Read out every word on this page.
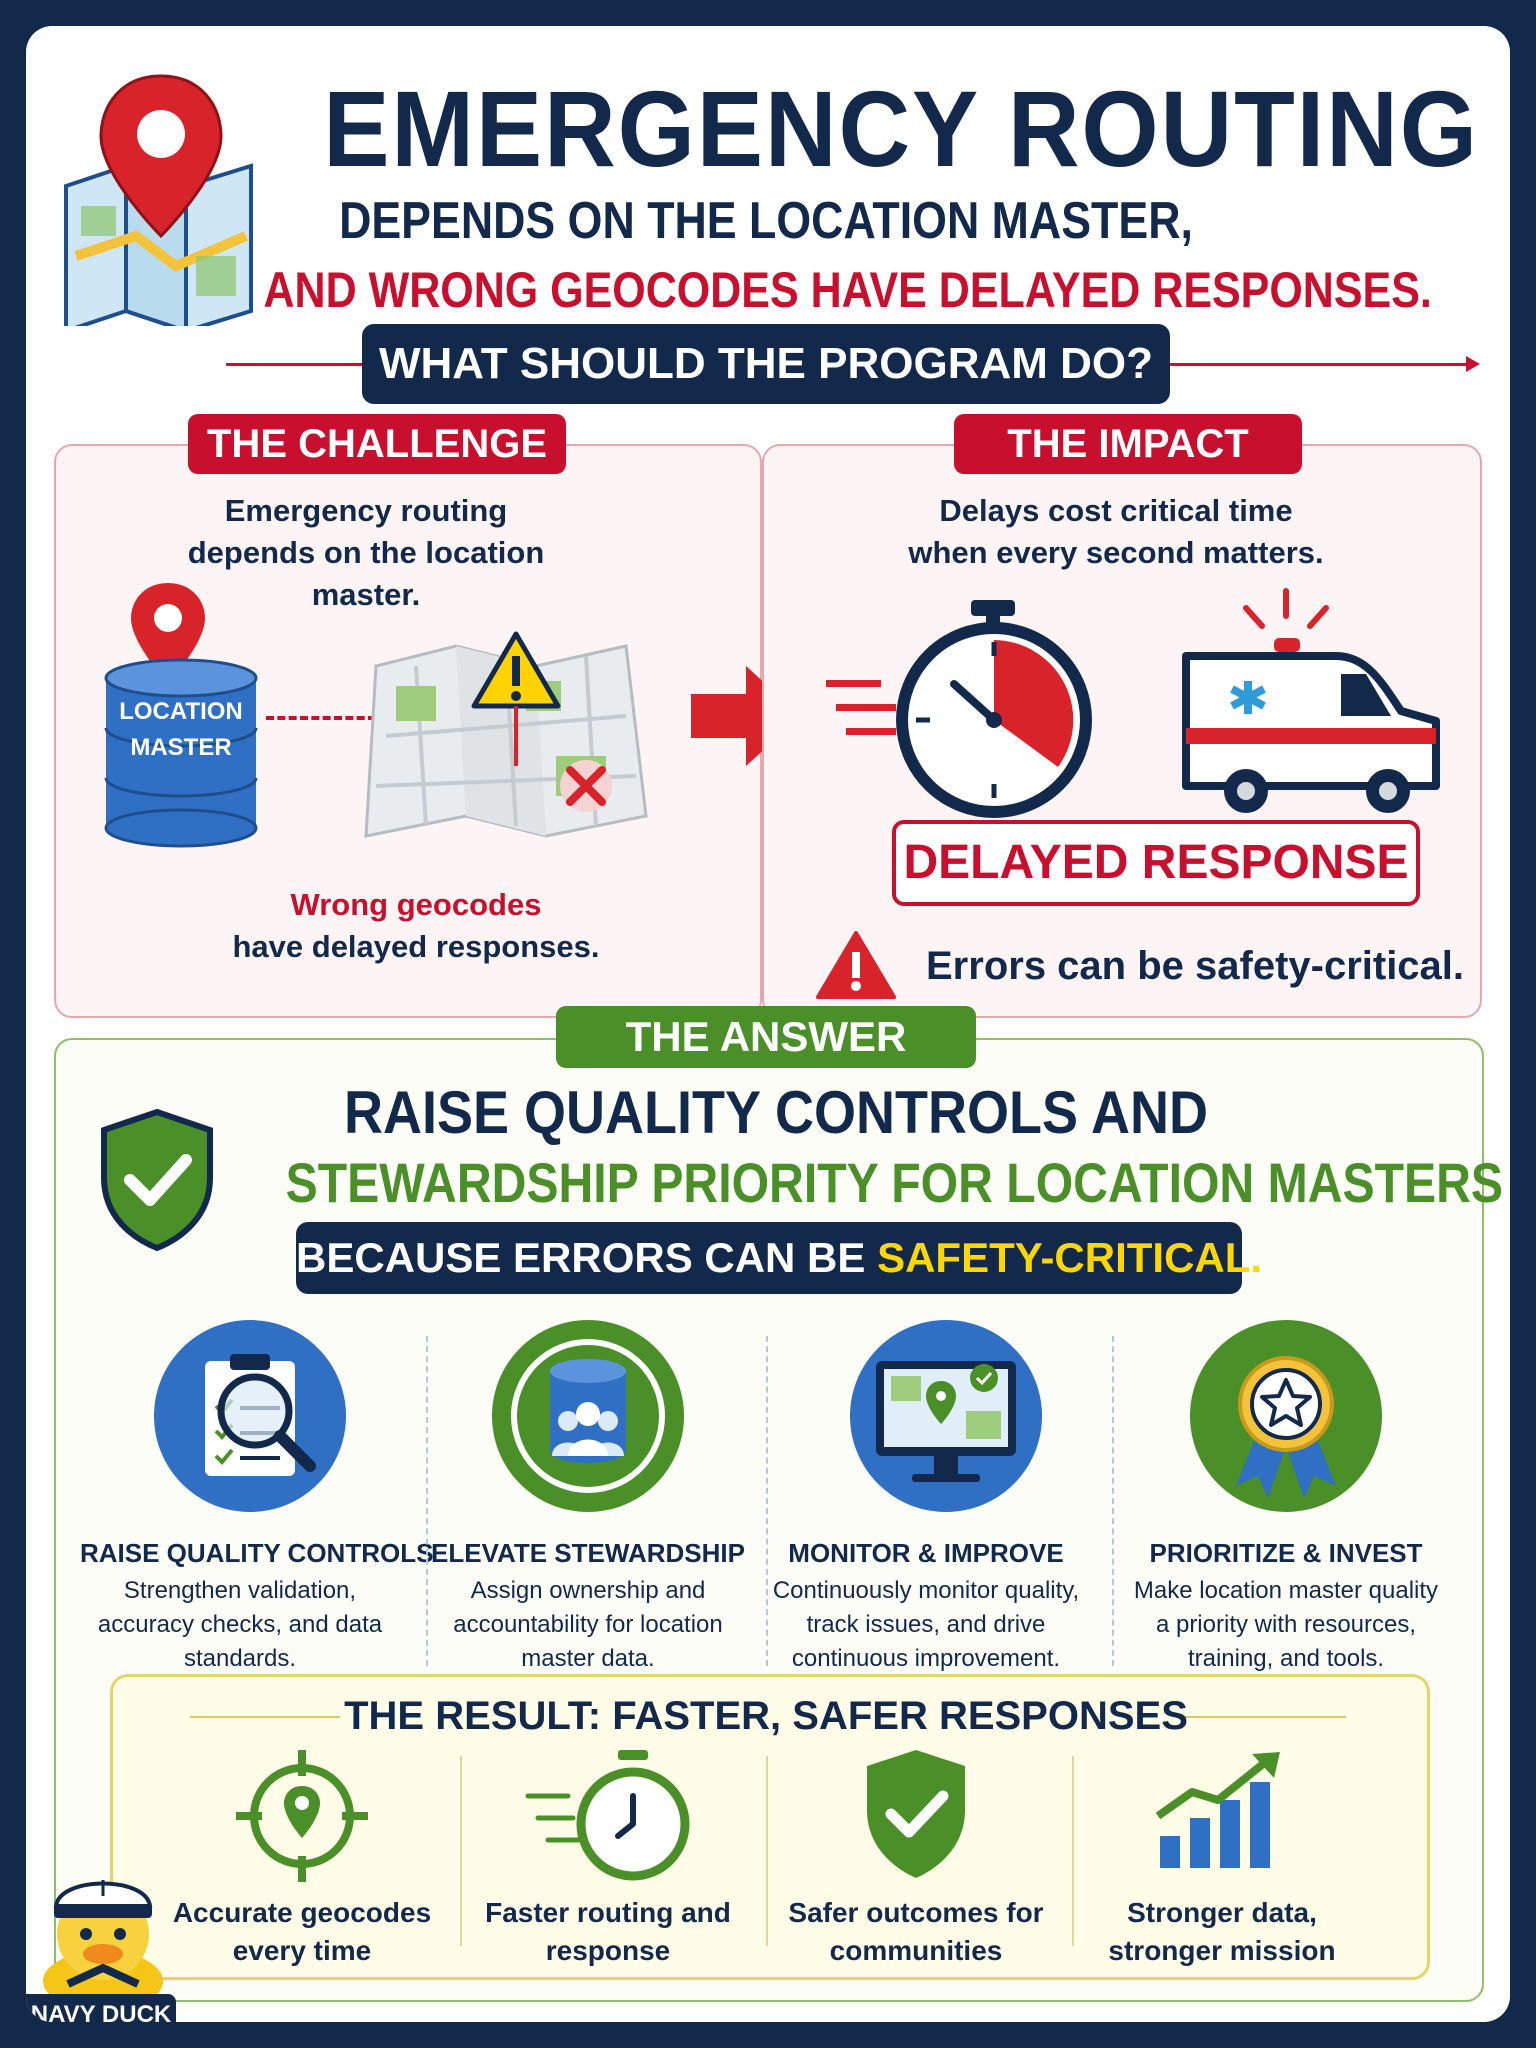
EMERGENCY ROUTING
DEPENDS ON THE LOCATION MASTER,
AND WRONG GEOCODES HAVE DELAYED RESPONSES.
WHAT SHOULD THE PROGRAM DO?
THE CHALLENGE
Emergency routing depends on the location master.
LOCATION
MASTER
Wrong geocodes
have delayed responses.
THE IMPACT
Delays cost critical time when every second matters.
DELAYED RESPONSE
Errors can be safety-critical.
THE ANSWER
RAISE QUALITY CONTROLS AND
STEWARDSHIP PRIORITY FOR LOCATION MASTERS
BECAUSE ERRORS CAN BE SAFETY-CRITICAL.
RAISE QUALITY CONTROLS
Strengthen validation, accuracy checks, and data standards.
ELEVATE STEWARDSHIP
Assign ownership and accountability for location master data.
MONITOR & IMPROVE
Continuously monitor quality, track issues, and drive continuous improvement.
PRIORITIZE & INVEST
Make location master quality a priority with resources, training, and tools.
THE RESULT: FASTER, SAFER RESPONSES
Accurate geocodes every time
Faster routing and response
Safer outcomes for communities
Stronger data, stronger mission
NAVY DUCK
